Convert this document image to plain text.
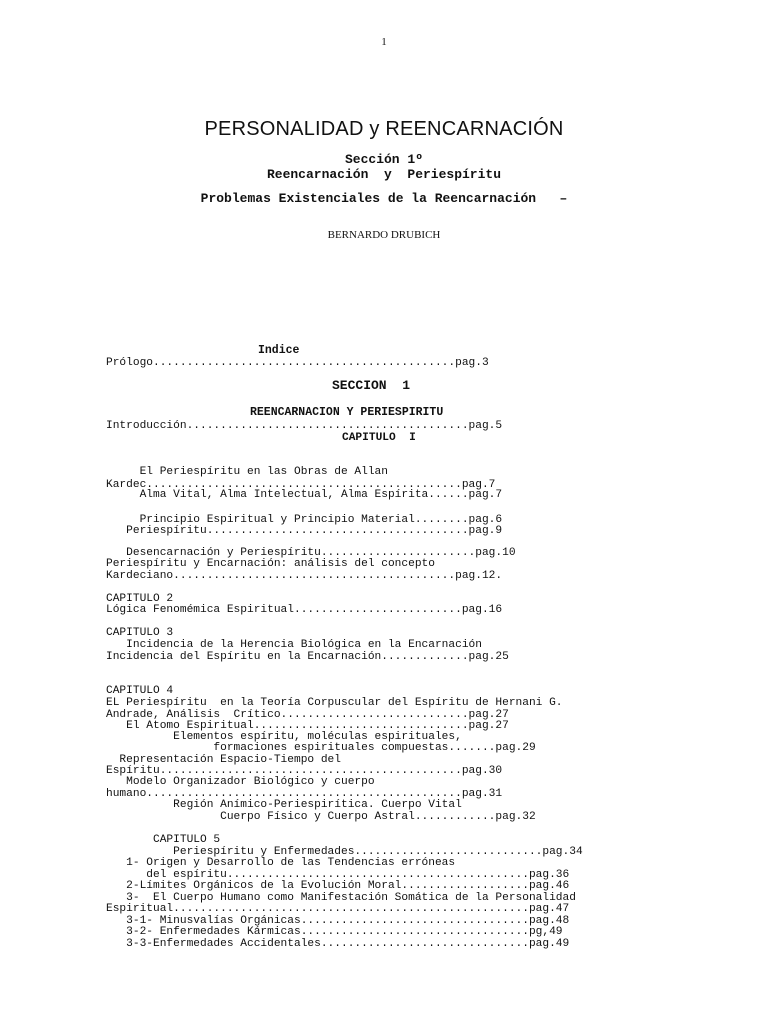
1
PERSONALIDAD y REENCARNACIÓN
Sección 1º
Reencarnación  y  Periespíritu
Problemas Existenciales de la Reencarnación   –
BERNARDO DRUBICH
Indice
Prólogo.............................................pag.3
SECCION  1
REENCARNACION Y PERIESPIRITU
Introducción..........................................pag.5
CAPITULO  I
El Periespíritu en las Obras de Allan
Kardec...............................................pag.7
Alma Vital, Alma Intelectual, Alma Espírita......pag.7
Principio Espiritual y Principio Material........pag.6
Periespíritu.......................................pag.9
Desencarnación y Periespíritu.......................pag.10
Periespíritu y Encarnación: análisis del concepto
Kardeciano..........................................pag.12.
CAPITULO 2
Lógica Fenomémica Espiritual.........................pag.16
CAPITULO 3
Incidencia de la Herencia Biológica en la Encarnación
Incidencia del Espíritu en la Encarnación.............pag.25
CAPITULO 4
EL Periespíritu  en la Teoría Corpuscular del Espíritu de Hernani G.
Andrade, Análisis  Crítico............................pag.27
El Atomo Espiritual................................pag.27
Elementos espíritu, moléculas espirituales,
formaciones espirituales compuestas.......pag.29
Representación Espacio-Tiempo del
Espíritu.............................................pag.30
Modelo Organizador Biológico y cuerpo
humano...............................................pag.31
Región Anímico-Periespirítica. Cuerpo Vital
Cuerpo Físico y Cuerpo Astral............pag.32
CAPITULO 5
Periespíritu y Enfermedades............................pag.34
1- Origen y Desarrollo de las Tendencias erróneas
del espíritu.............................................pag.36
2-Límites Orgánicos de la Evolución Moral...................pag.46
3-  El Cuerpo Humano como Manifestación Somática de la Personalidad
Espiritual.....................................................pag.47
3-1- Minusvalías Orgánicas..................................pag.48
3-2- Enfermedades Kármicas..................................pg,49
3-3-Enfermedades Accidentales...............................pag.49
